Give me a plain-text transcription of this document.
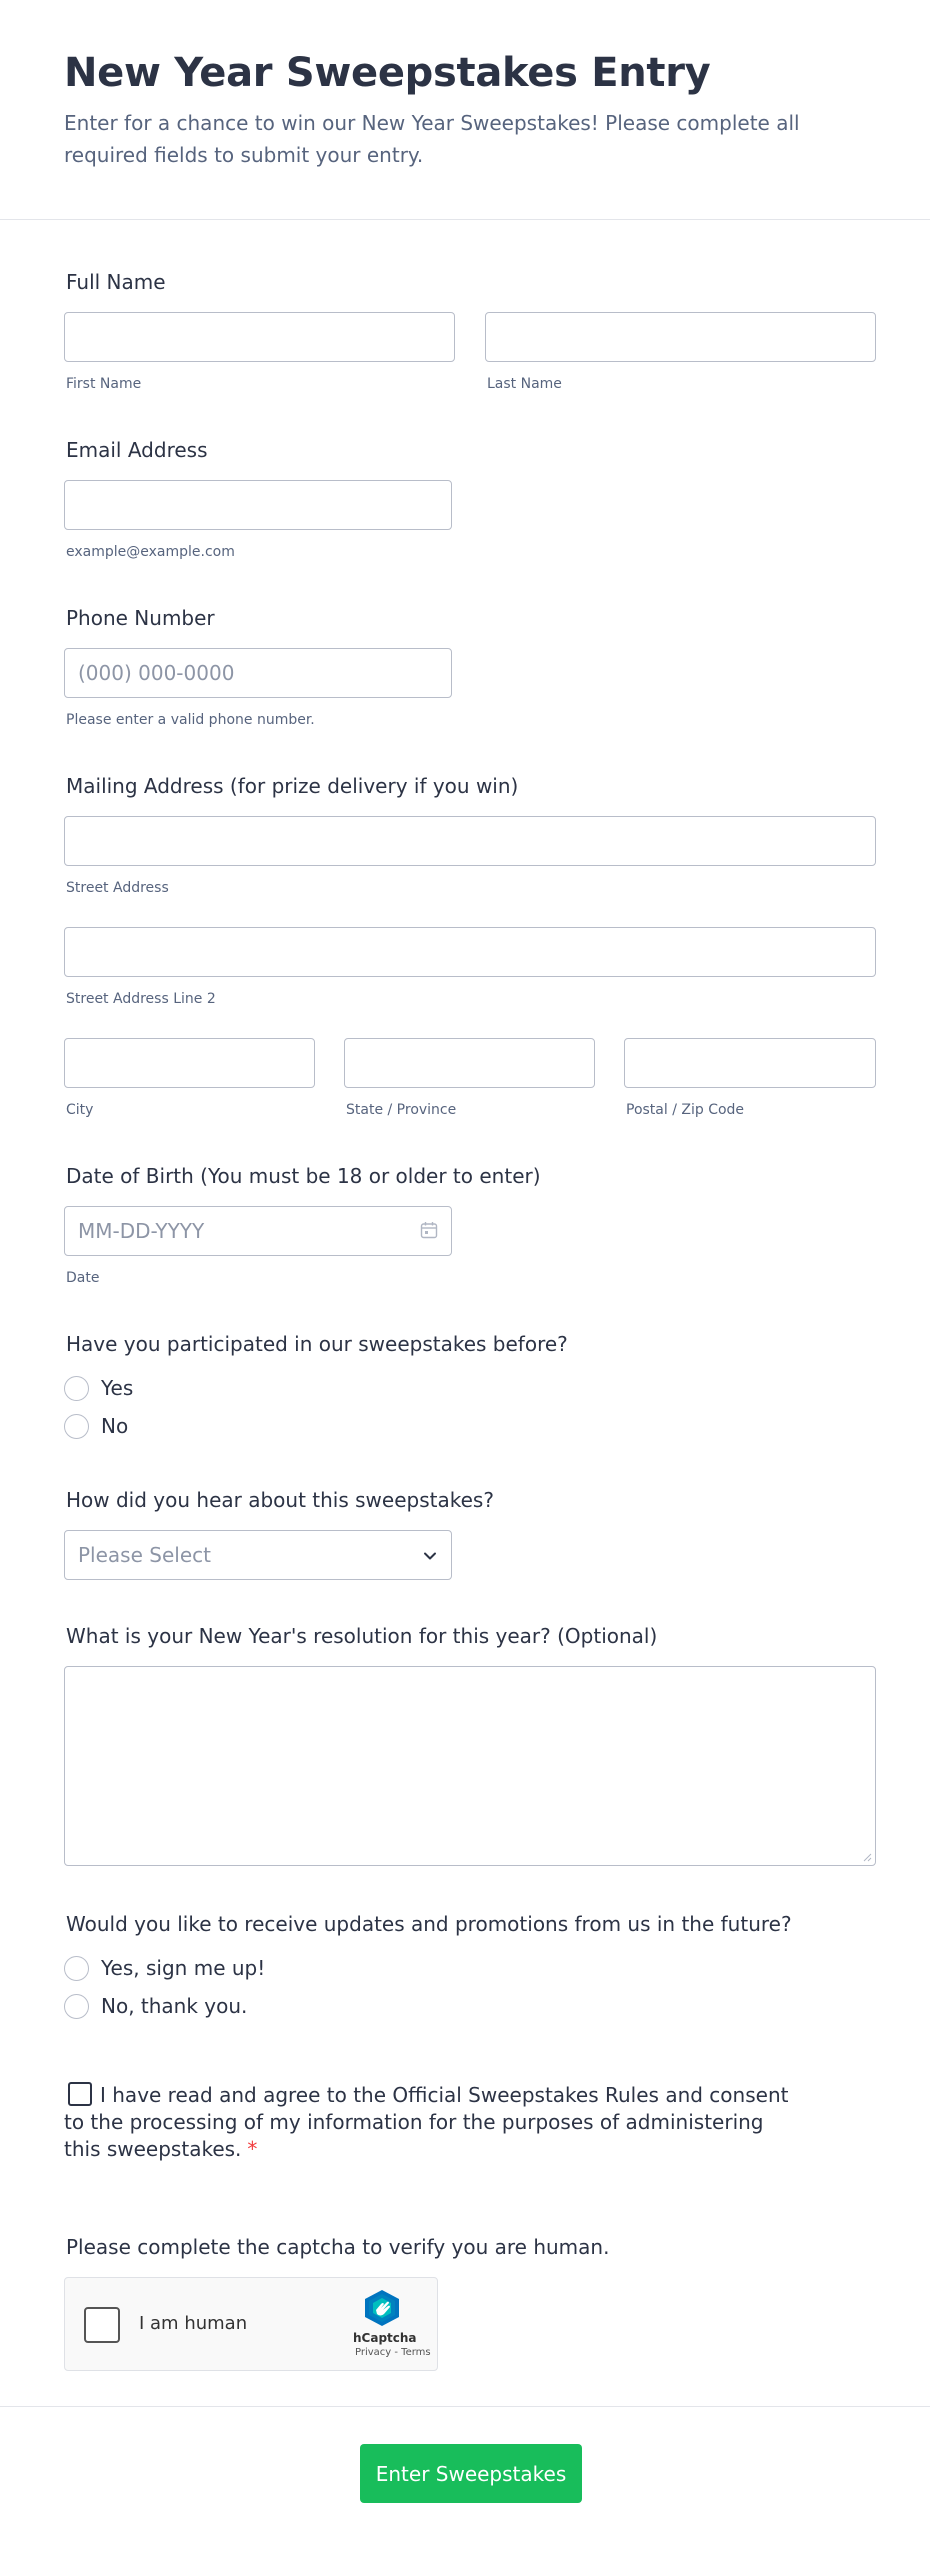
New Year Sweepstakes Entry
Enter for a chance to win our New Year Sweepstakes! Please complete all required fields to submit your entry.
Full Name
First Name	Last Name
Email Address
example@example.com
Phone Number
(000) 000-0000
Please enter a valid phone number.
Mailing Address (for prize delivery if you win)
Street Address
Street Address Line 2
City	State / Province	Postal / Zip Code
Date of Birth (You must be 18 or older to enter)
MM-DD-YYYY
Date
Have you participated in our sweepstakes before?
Yes
No
How did you hear about this sweepstakes?
Please Select
What is your New Year's resolution for this year? (Optional)
Would you like to receive updates and promotions from us in the future?
Yes, sign me up!
No, thank you.
I have read and agree to the Official Sweepstakes Rules and consent to the processing of my information for the purposes of administering this sweepstakes. *
Please complete the captcha to verify you are human.
I am human
hCaptcha
Privacy - Terms
Enter Sweepstakes
